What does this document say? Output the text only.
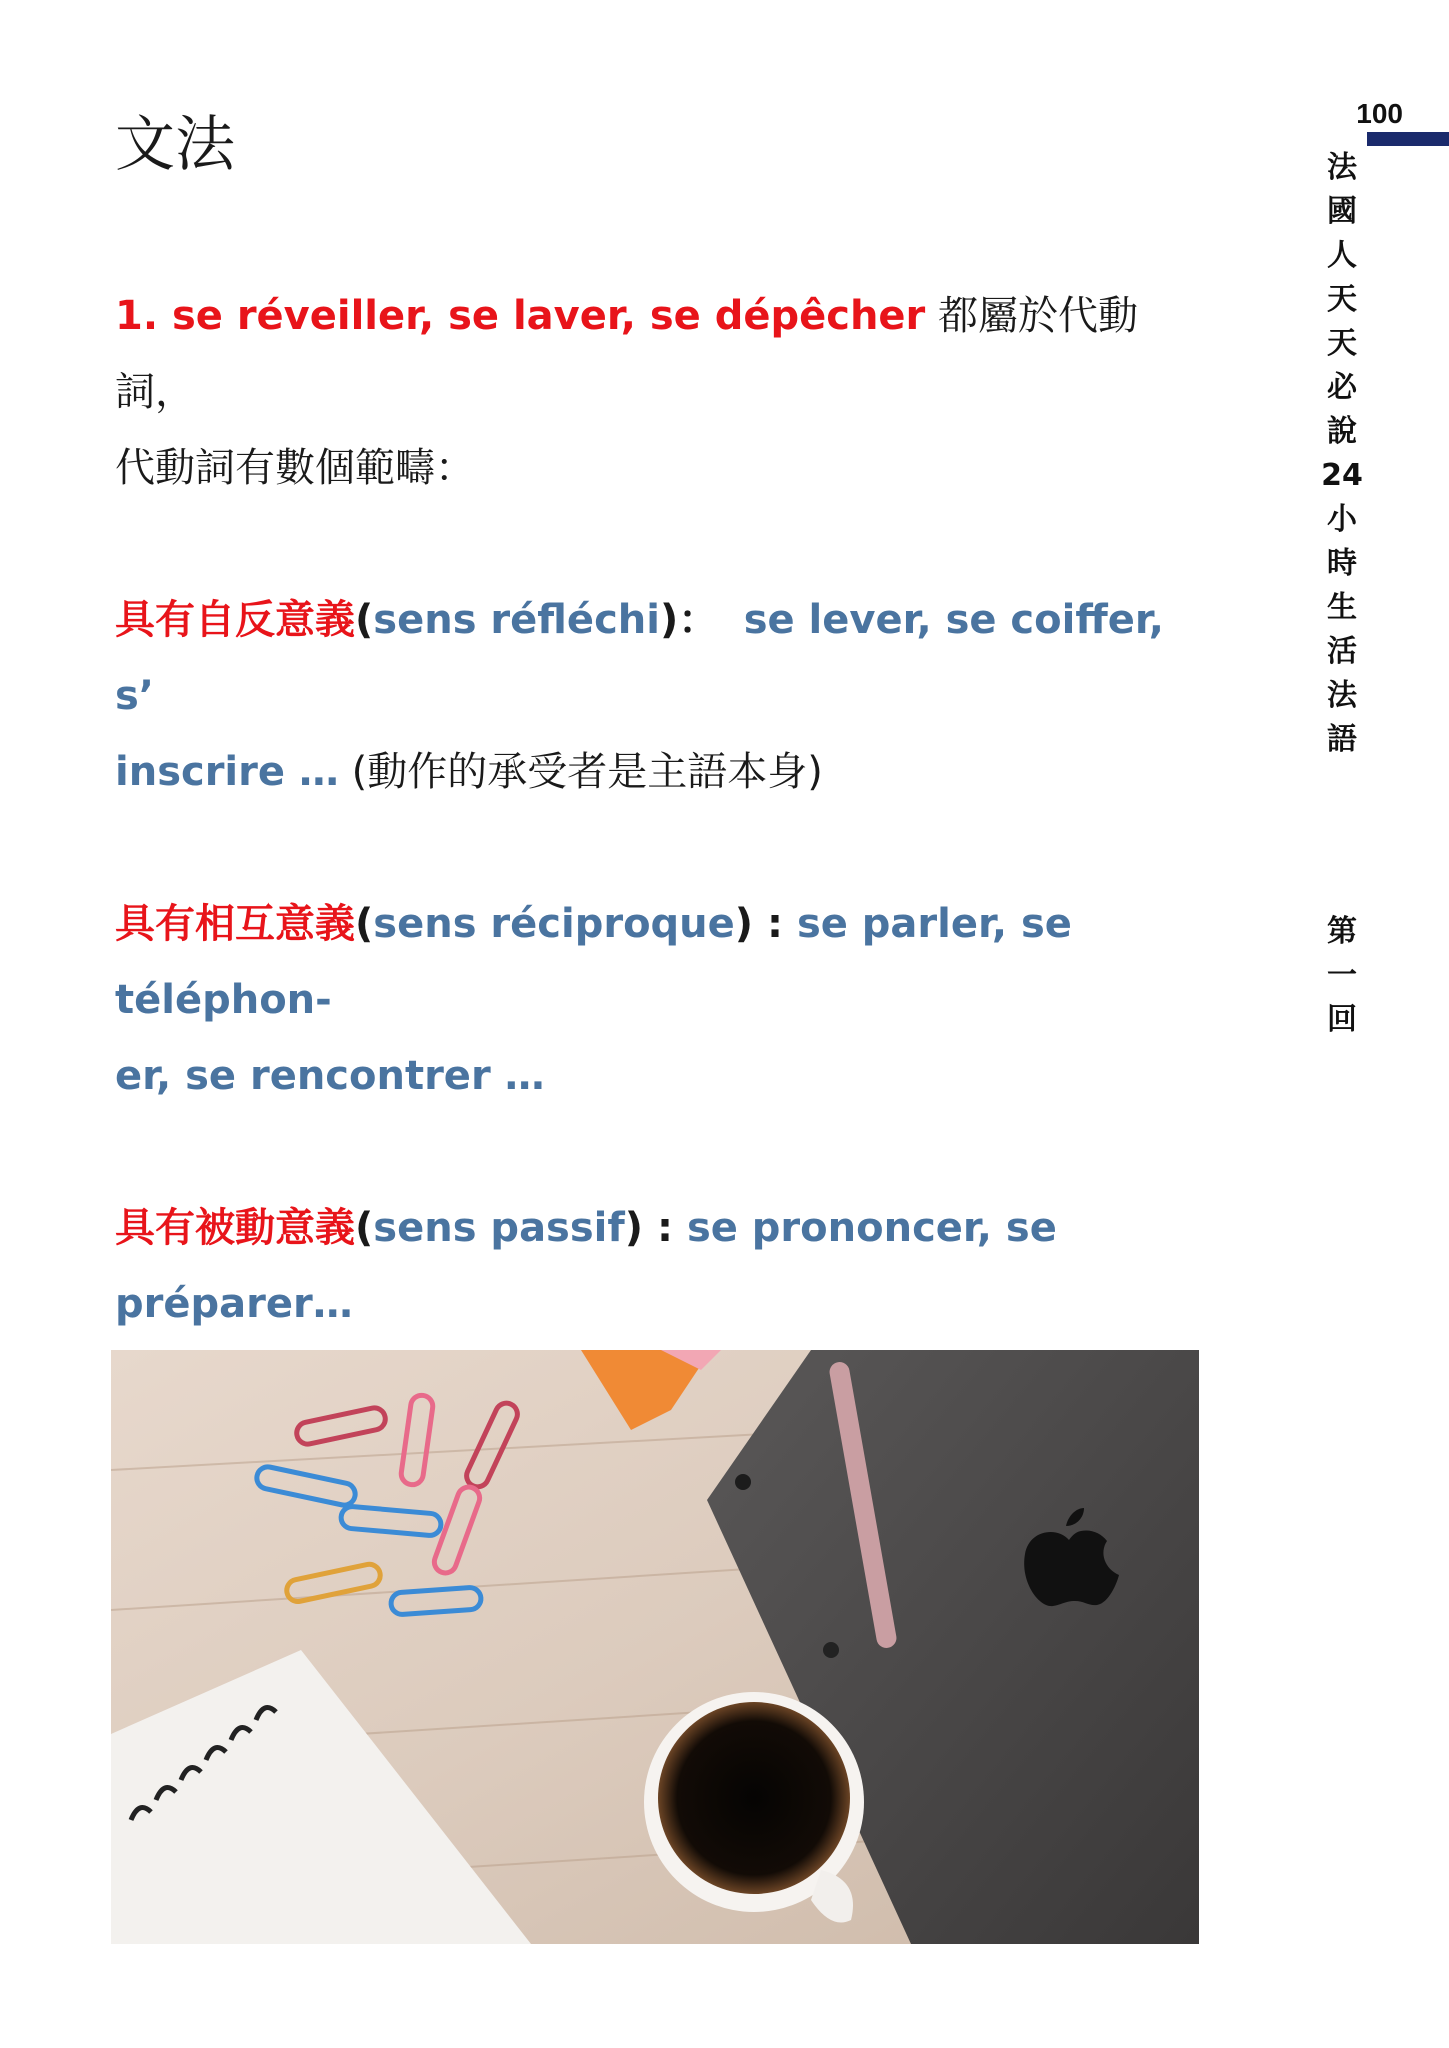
文法

1. se réveiller, se laver, se dépêcher 都屬於代動詞，
代動詞有數個範疇：

具有自反意義(sens réfléchi)： se lever, se coiffer, s’
inscrire … (動作的承受者是主語本身)

具有相互意義(sens réciproque) : se parler, se téléphon-
er, se rencontrer …

具有被動意義(sens passif) : se prononcer, se préparer…

100
法
國
人
天
天
必
說
24
小
時
生
活
法
語
第
一
回
